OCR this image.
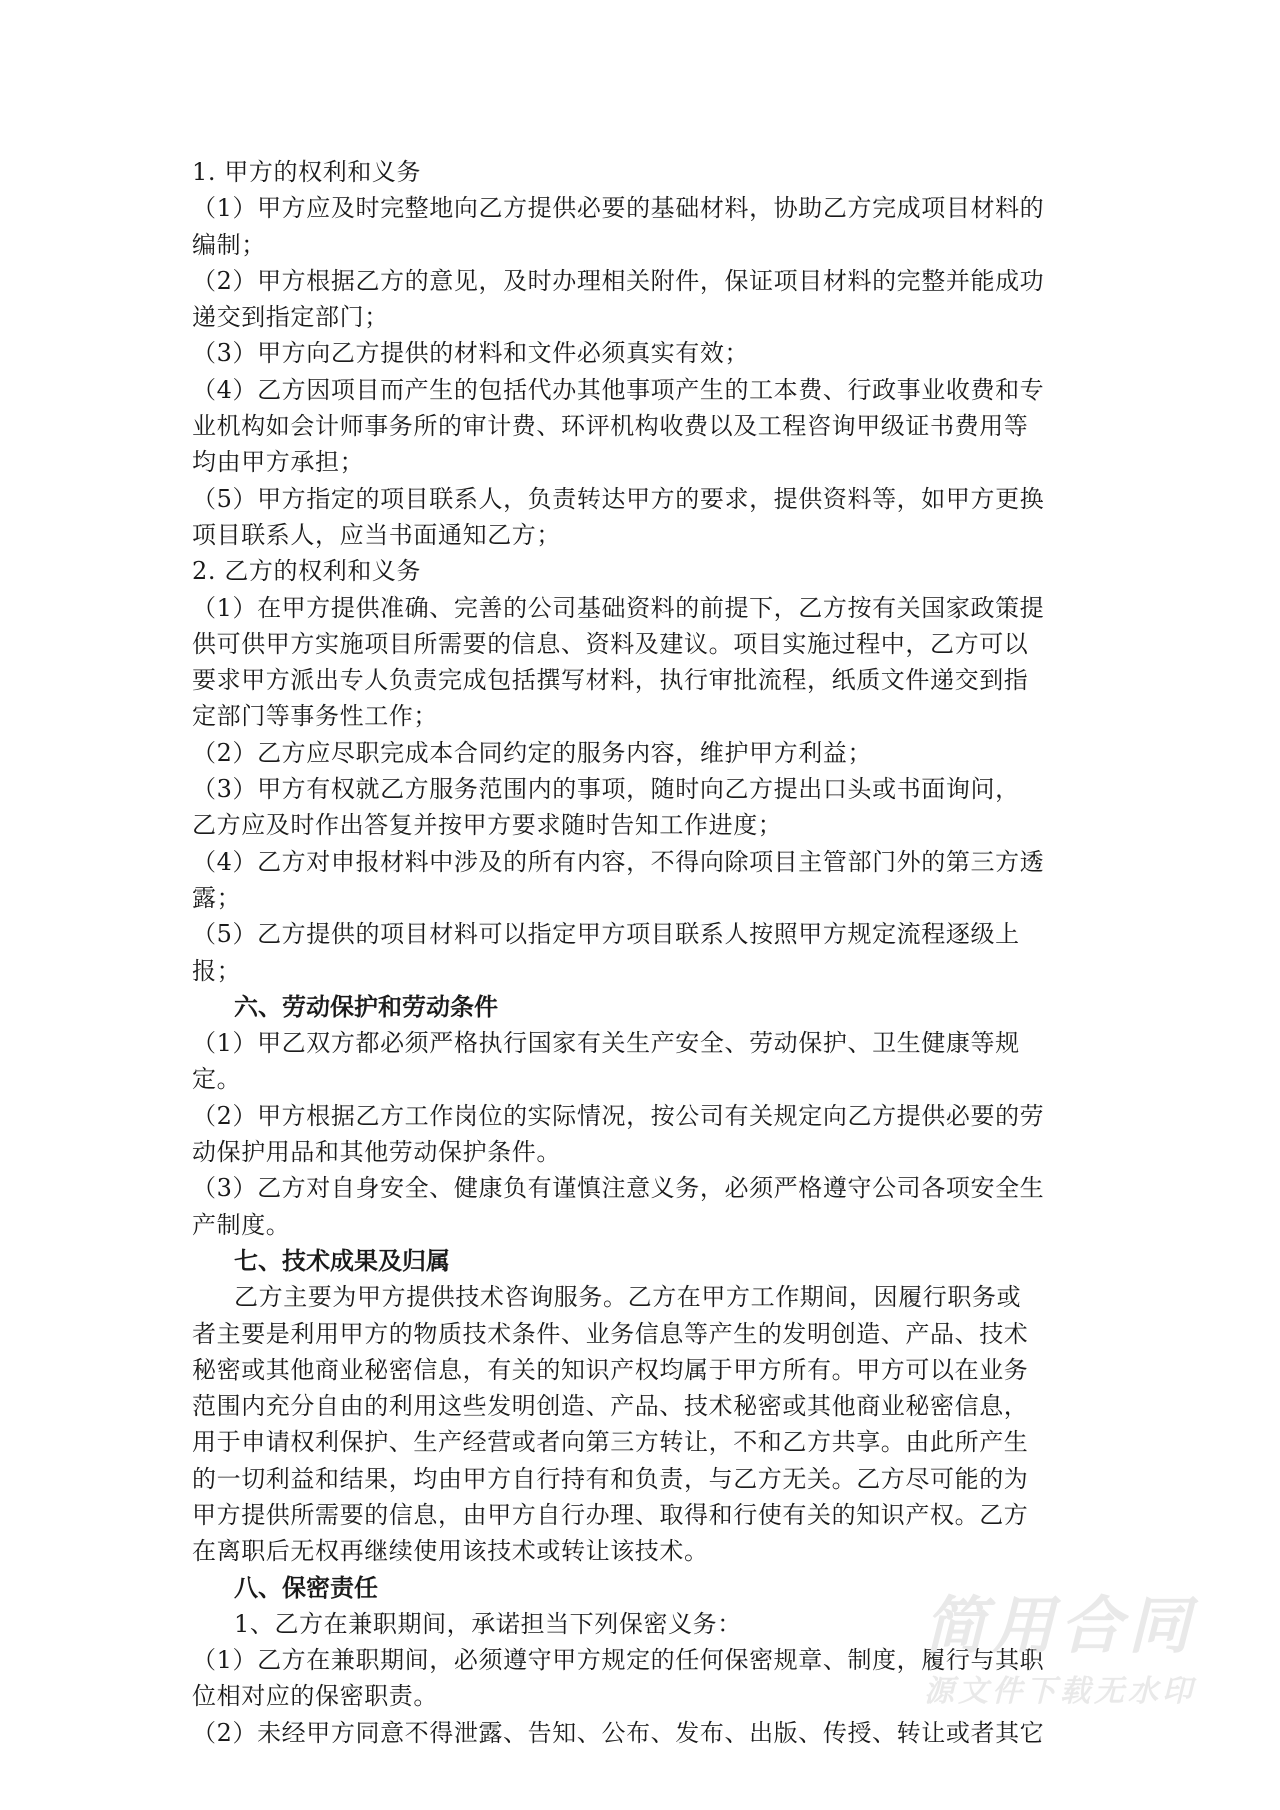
1. 甲方的权利和义务
（1）甲方应及时完整地向乙方提供必要的基础材料，协助乙方完成项目材料的
编制；
（2）甲方根据乙方的意见，及时办理相关附件，保证项目材料的完整并能成功
递交到指定部门；
（3）甲方向乙方提供的材料和文件必须真实有效；
（4）乙方因项目而产生的包括代办其他事项产生的工本费、行政事业收费和专
业机构如会计师事务所的审计费、环评机构收费以及工程咨询甲级证书费用等
均由甲方承担；
（5）甲方指定的项目联系人，负责转达甲方的要求，提供资料等，如甲方更换
项目联系人，应当书面通知乙方；
2. 乙方的权利和义务
（1）在甲方提供准确、完善的公司基础资料的前提下，乙方按有关国家政策提
供可供甲方实施项目所需要的信息、资料及建议。项目实施过程中，乙方可以
要求甲方派出专人负责完成包括撰写材料，执行审批流程，纸质文件递交到指
定部门等事务性工作；
（2）乙方应尽职完成本合同约定的服务内容，维护甲方利益；
（3）甲方有权就乙方服务范围内的事项，随时向乙方提出口头或书面询问，
乙方应及时作出答复并按甲方要求随时告知工作进度；
（4）乙方对申报材料中涉及的所有内容，不得向除项目主管部门外的第三方透
露；
（5）乙方提供的项目材料可以指定甲方项目联系人按照甲方规定流程逐级上
报；
六、劳动保护和劳动条件
（1）甲乙双方都必须严格执行国家有关生产安全、劳动保护、卫生健康等规
定。
（2）甲方根据乙方工作岗位的实际情况，按公司有关规定向乙方提供必要的劳
动保护用品和其他劳动保护条件。
（3）乙方对自身安全、健康负有谨慎注意义务，必须严格遵守公司各项安全生
产制度。
七、技术成果及归属
乙方主要为甲方提供技术咨询服务。乙方在甲方工作期间，因履行职务或
者主要是利用甲方的物质技术条件、业务信息等产生的发明创造、产品、技术
秘密或其他商业秘密信息，有关的知识产权均属于甲方所有。甲方可以在业务
范围内充分自由的利用这些发明创造、产品、技术秘密或其他商业秘密信息，
用于申请权利保护、生产经营或者向第三方转让，不和乙方共享。由此所产生
的一切利益和结果，均由甲方自行持有和负责，与乙方无关。乙方尽可能的为
甲方提供所需要的信息，由甲方自行办理、取得和行使有关的知识产权。乙方
在离职后无权再继续使用该技术或转让该技术。
八、保密责任
1、乙方在兼职期间，承诺担当下列保密义务：
（1）乙方在兼职期间，必须遵守甲方规定的任何保密规章、制度，履行与其职
位相对应的保密职责。
（2）未经甲方同意不得泄露、告知、公布、发布、出版、传授、转让或者其它
简用合同
源文件下载无水印
